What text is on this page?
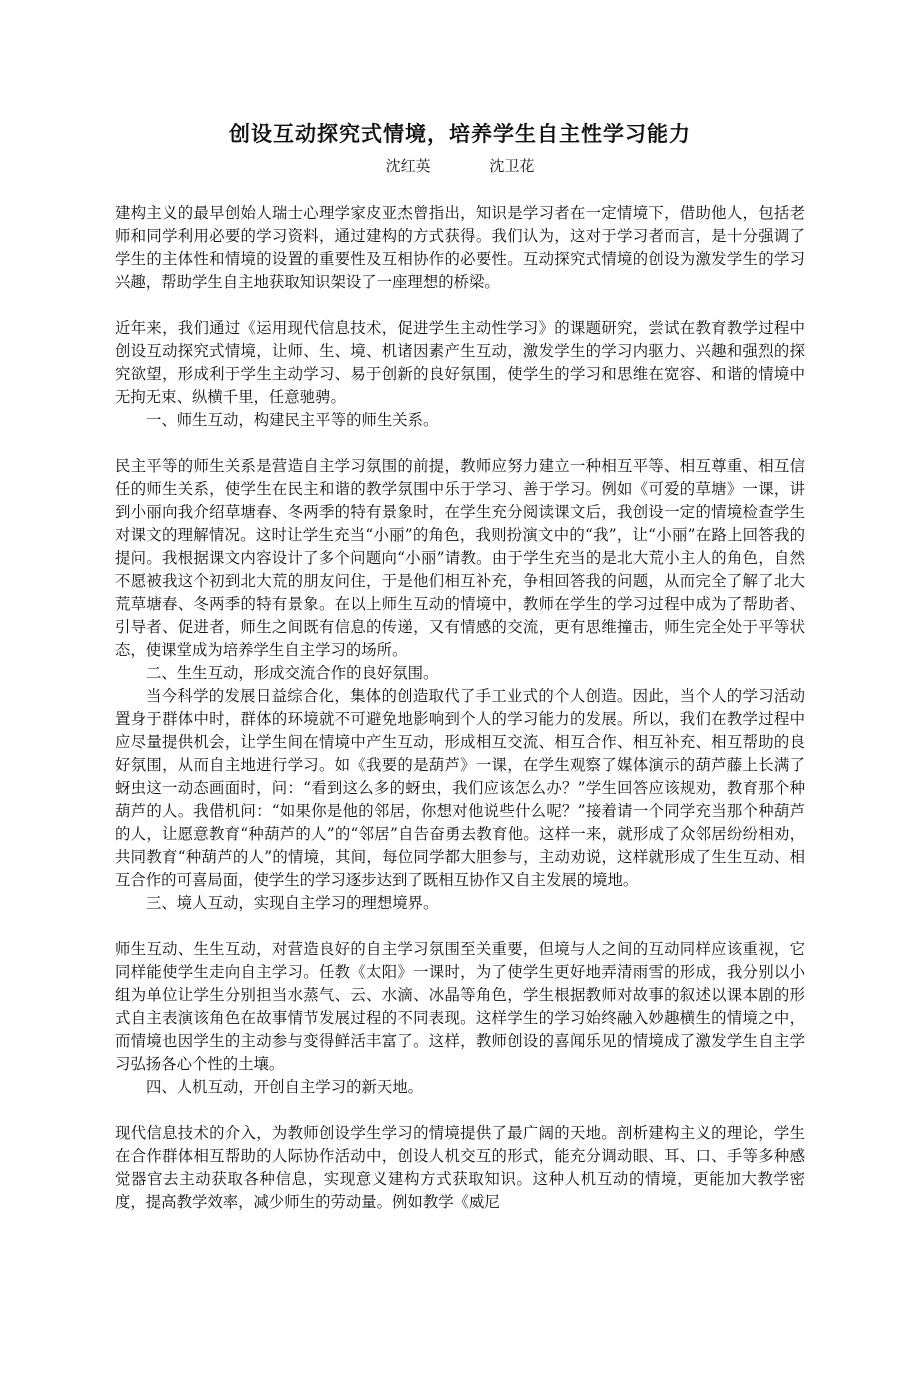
创设互动探究式情境，培养学生自主性学习能力
沈红英	沈卫花

建构主义的最早创始人瑞士心理学家皮亚杰曾指出，知识是学习者在一定情境下，借助他人，包括老师和同学利用必要的学习资料，通过建构的方式获得。我们认为，这对于学习者而言，是十分强调了学生的主体性和情境的设置的重要性及互相协作的必要性。互动探究式情境的创设为激发学生的学习兴趣，帮助学生自主地获取知识架设了一座理想的桥梁。

近年来，我们通过《运用现代信息技术，促进学生主动性学习》的课题研究，尝试在教育教学过程中创设互动探究式情境，让师、生、境、机诸因素产生互动，激发学生的学习内驱力、兴趣和强烈的探究欲望，形成利于学生主动学习、易于创新的良好氛围，使学生的学习和思维在宽容、和谐的情境中无拘无束、纵横千里，任意驰骋。

一、师生互动，构建民主平等的师生关系。

民主平等的师生关系是营造自主学习氛围的前提，教师应努力建立一种相互平等、相互尊重、相互信任的师生关系，使学生在民主和谐的教学氛围中乐于学习、善于学习。例如《可爱的草塘》一课，讲到小丽向我介绍草塘春、冬两季的特有景象时，在学生充分阅读课文后，我创设一定的情境检查学生对课文的理解情况。这时让学生充当“小丽”的角色，我则扮演文中的“我”，让“小丽”在路上回答我的提问。我根据课文内容设计了多个问题向“小丽”请教。由于学生充当的是北大荒小主人的角色，自然不愿被我这个初到北大荒的朋友问住，于是他们相互补充，争相回答我的问题，从而完全了解了北大荒草塘春、冬两季的特有景象。在以上师生互动的情境中，教师在学生的学习过程中成为了帮助者、引导者、促进者，师生之间既有信息的传递，又有情感的交流，更有思维撞击，师生完全处于平等状态，使课堂成为培养学生自主学习的场所。

二、生生互动，形成交流合作的良好氛围。

当今科学的发展日益综合化，集体的创造取代了手工业式的个人创造。因此，当个人的学习活动置身于群体中时，群体的环境就不可避免地影响到个人的学习能力的发展。所以，我们在教学过程中应尽量提供机会，让学生间在情境中产生互动，形成相互交流、相互合作、相互补充、相互帮助的良好氛围，从而自主地进行学习。如《我要的是葫芦》一课，在学生观察了媒体演示的葫芦藤上长满了蚜虫这一动态画面时，问：“看到这么多的蚜虫，我们应该怎么办？”学生回答应该规劝，教育那个种葫芦的人。我借机问：“如果你是他的邻居，你想对他说些什么呢？”接着请一个同学充当那个种葫芦的人，让愿意教育“种葫芦的人”的“邻居”自告奋勇去教育他。这样一来，就形成了众邻居纷纷相劝，共同教育“种葫芦的人”的情境，其间，每位同学都大胆参与，主动劝说，这样就形成了生生互动、相互合作的可喜局面，使学生的学习逐步达到了既相互协作又自主发展的境地。

三、境人互动，实现自主学习的理想境界。

师生互动、生生互动，对营造良好的自主学习氛围至关重要，但境与人之间的互动同样应该重视，它同样能使学生走向自主学习。任教《太阳》一课时，为了使学生更好地弄清雨雪的形成，我分别以小组为单位让学生分别担当水蒸气、云、水滴、冰晶等角色，学生根据教师对故事的叙述以课本剧的形式自主表演该角色在故事情节发展过程的不同表现。这样学生的学习始终融入妙趣横生的情境之中，而情境也因学生的主动参与变得鲜活丰富了。这样，教师创设的喜闻乐见的情境成了激发学生自主学习弘扬各心个性的土壤。

四、人机互动，开创自主学习的新天地。

现代信息技术的介入，为教师创设学生学习的情境提供了最广阔的天地。剖析建构主义的理论，学生在合作群体相互帮助的人际协作活动中，创设人机交互的形式，能充分调动眼、耳、口、手等多种感觉器官去主动获取各种信息，实现意义建构方式获取知识。这种人机互动的情境，更能加大教学密度，提高教学效率，减少师生的劳动量。例如教学《威尼
